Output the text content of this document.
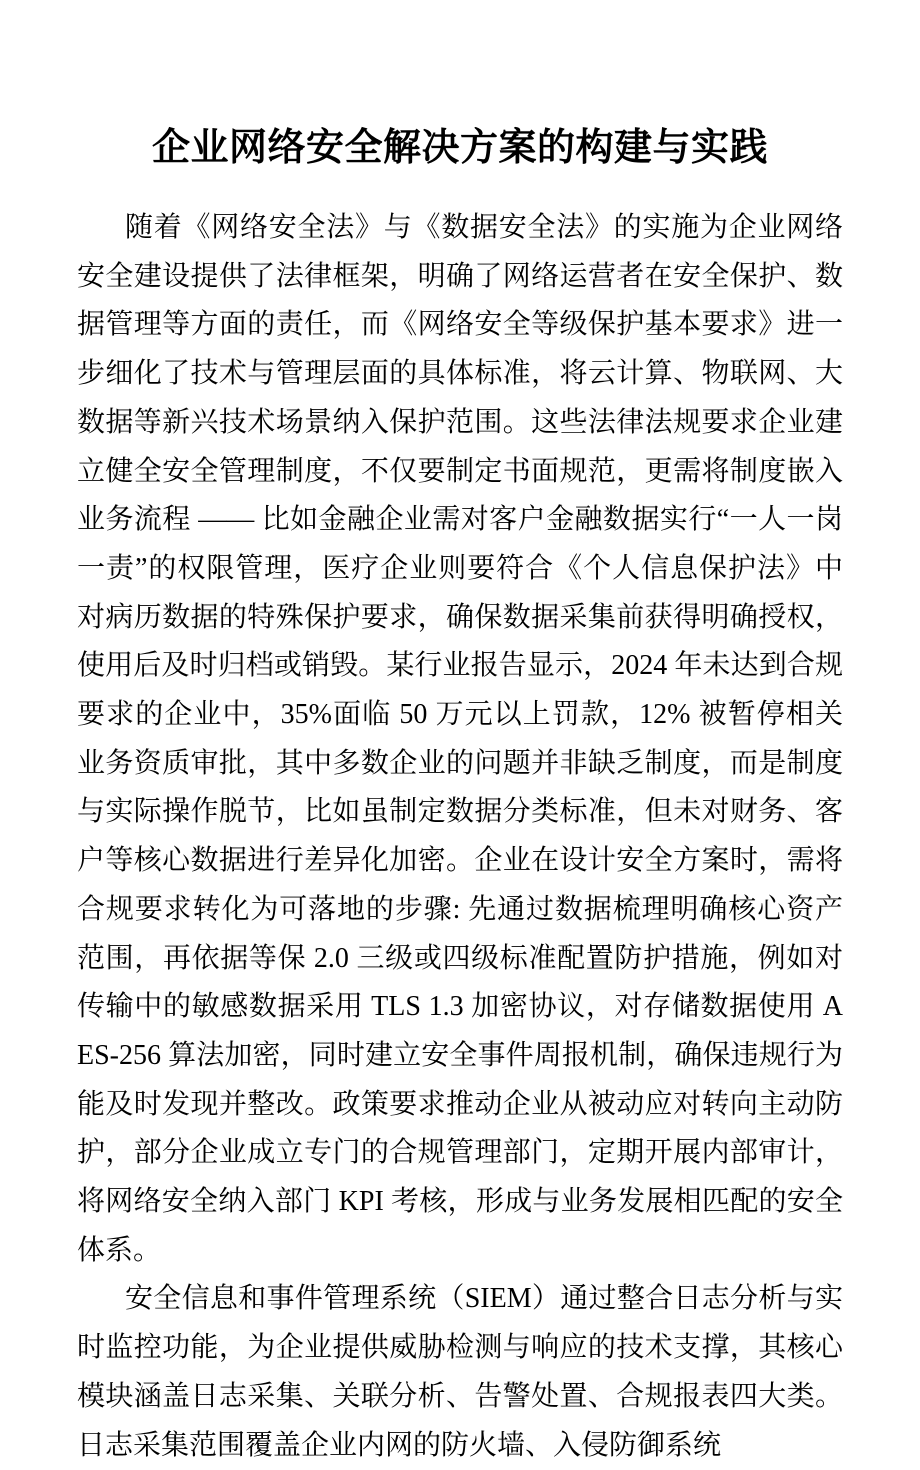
企业网络安全解决方案的构建与实践

随着《网络安全法》与《数据安全法》的实施为企业网络安全建设提供了法律框架，明确了网络运营者在安全保护、数据管理等方面的责任，而《网络安全等级保护基本要求》进一步细化了技术与管理层面的具体标准，将云计算、物联网、大数据等新兴技术场景纳入保护范围。这些法律法规要求企业建立健全安全管理制度，不仅要制定书面规范，更需将制度嵌入业务流程 —— 比如金融企业需对客户金融数据实行“一人一岗一责”的权限管理，医疗企业则要符合《个人信息保护法》中对病历数据的特殊保护要求，确保数据采集前获得明确授权，使用后及时归档或销毁。某行业报告显示，2024 年未达到合规要求的企业中，35%面临 50 万元以上罚款，12% 被暂停相关业务资质审批，其中多数企业的问题并非缺乏制度，而是制度与实际操作脱节，比如虽制定数据分类标准，但未对财务、客户等核心数据进行差异化加密。企业在设计安全方案时，需将合规要求转化为可落地的步骤: 先通过数据梳理明确核心资产范围，再依据等保 2.0 三级或四级标准配置防护措施，例如对传输中的敏感数据采用 TLS 1.3 加密协议，对存储数据使用 AES-256 算法加密，同时建立安全事件周报机制，确保违规行为能及时发现并整改。政策要求推动企业从被动应对转向主动防护，部分企业成立专门的合规管理部门，定期开展内部审计，将网络安全纳入部门 KPI 考核，形成与业务发展相匹配的安全体系。

安全信息和事件管理系统（SIEM）通过整合日志分析与实时监控功能，为企业提供威胁检测与响应的技术支撑，其核心模块涵盖日志采集、关联分析、告警处置、合规报表四大类。日志采集范围覆盖企业内网的防火墙、入侵防御系统
